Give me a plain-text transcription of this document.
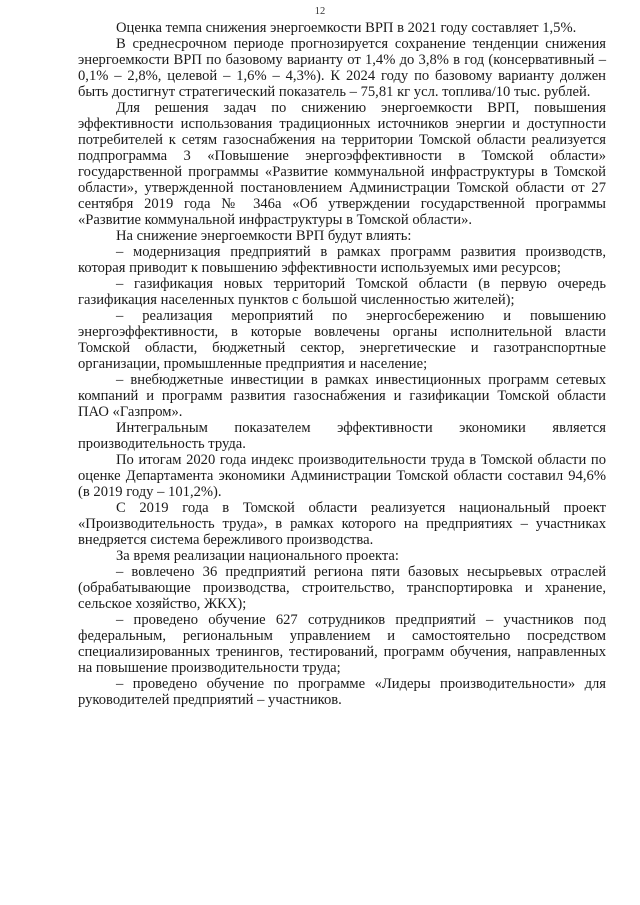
12

Оценка темпа снижения энергоемкости ВРП в 2021 году составляет 1,5%.

В среднесрочном периоде прогнозируется сохранение тенденции снижения энергоемкости ВРП по базовому варианту от 1,4% до 3,8% в год (консервативный – 0,1% – 2,8%, целевой – 1,6% – 4,3%). К 2024 году по базовому варианту должен быть достигнут стратегический показатель – 75,81 кг усл. топлива/10 тыс. рублей.

Для решения задач по снижению энергоемкости ВРП, повышения эффективности использования традиционных источников энергии и доступности потребителей к сетям газоснабжения на территории Томской области реализуется подпрограмма 3 «Повышение энергоэффективности в Томской области» государственной программы «Развитие коммунальной инфраструктуры в Томской области», утвержденной постановлением Администрации Томской области от 27 сентября 2019 года № 346а «Об утверждении государственной программы «Развитие коммунальной инфраструктуры в Томской области».

На снижение энергоемкости ВРП будут влиять:

– модернизация предприятий в рамках программ развития производств, которая приводит к повышению эффективности используемых ими ресурсов;

– газификация новых территорий Томской области (в первую очередь газификация населенных пунктов с большой численностью жителей);

– реализация мероприятий по энергосбережению и повышению энергоэффективности, в которые вовлечены органы исполнительной власти Томской области, бюджетный сектор, энергетические и газотранспортные организации, промышленные предприятия и население;

– внебюджетные инвестиции в рамках инвестиционных программ сетевых компаний и программ развития газоснабжения и газификации Томской области ПАО «Газпром».

Интегральным показателем эффективности экономики является производительность труда.

По итогам 2020 года индекс производительности труда в Томской области по оценке Департамента экономики Администрации Томской области составил 94,6% (в 2019 году – 101,2%).

С 2019 года в Томской области реализуется национальный проект «Производительность труда», в рамках которого на предприятиях – участниках внедряется система бережливого производства.

За время реализации национального проекта:

– вовлечено 36 предприятий региона пяти базовых несырьевых отраслей (обрабатывающие производства, строительство, транспортировка и хранение, сельское хозяйство, ЖКХ);

– проведено обучение 627 сотрудников предприятий – участников под федеральным, региональным управлением и самостоятельно посредством специализированных тренингов, тестирований, программ обучения, направленных на повышение производительности труда;

– проведено обучение по программе «Лидеры производительности» для руководителей предприятий – участников.
